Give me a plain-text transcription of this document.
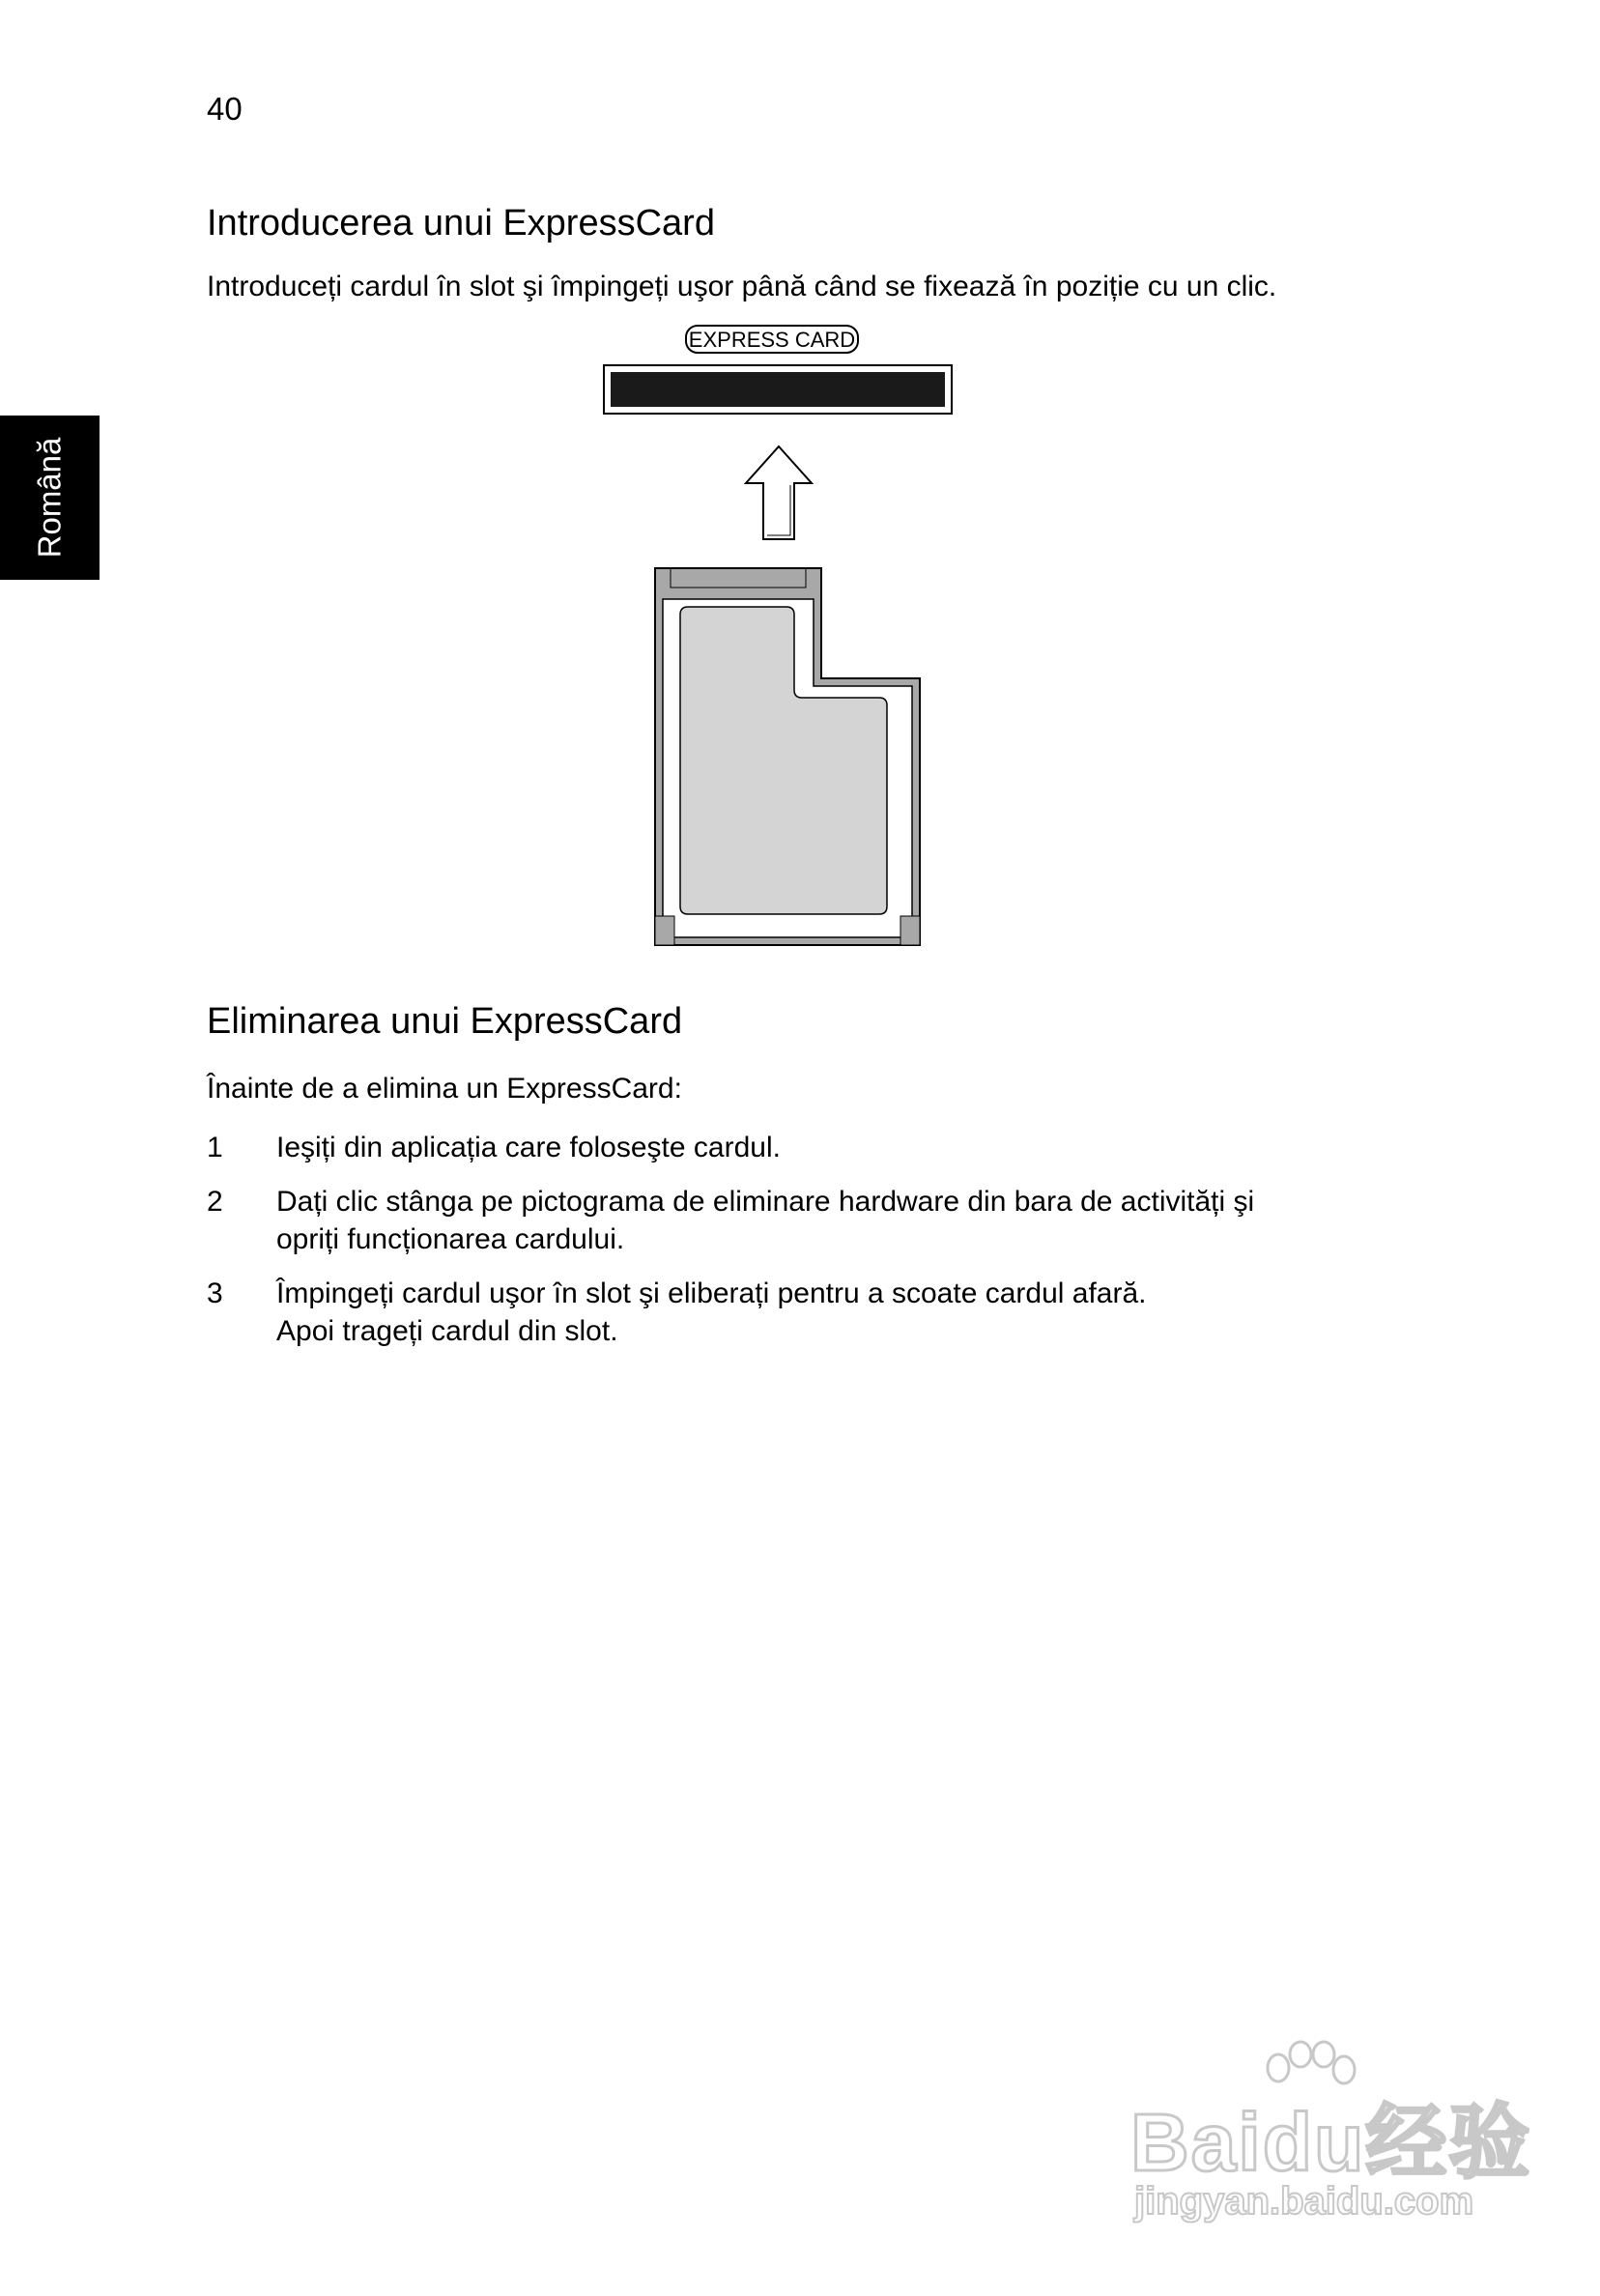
40
Română
Introducerea unui ExpressCard
Introduceți cardul în slot şi împingeți uşor până când se fixează în poziție cu un clic.
EXPRESS CARD
Eliminarea unui ExpressCard
Înainte de a elimina un ExpressCard:
1	Ieşiți din aplicația care foloseşte cardul.
2	Dați clic stânga pe pictograma de eliminare hardware din bara de activități şi
opriți funcționarea cardului.
3	Împingeți cardul uşor în slot şi eliberați pentru a scoate cardul afară.
Apoi trageți cardul din slot.
Baidu经验
jingyan.baidu.com
